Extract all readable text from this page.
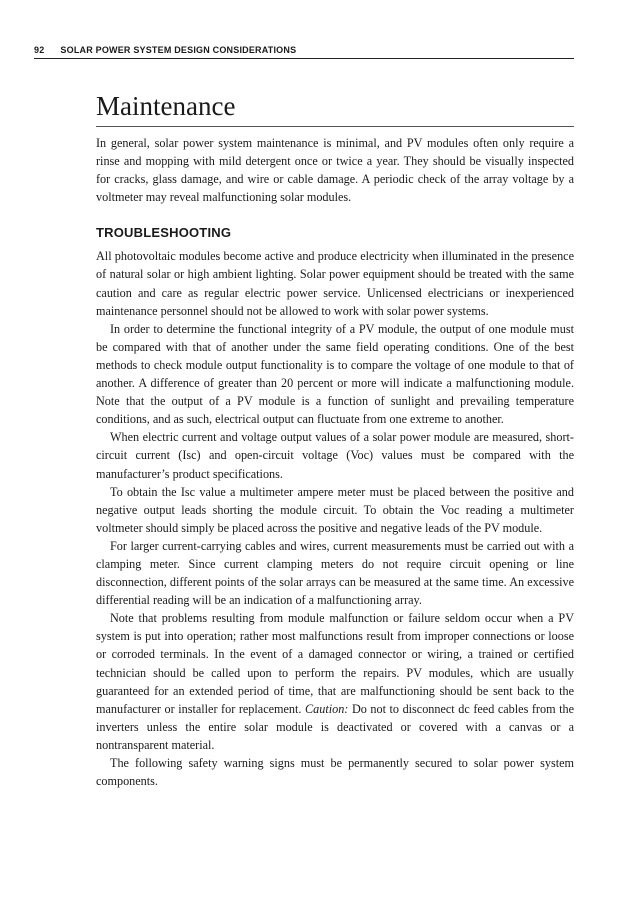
92 SOLAR POWER SYSTEM DESIGN CONSIDERATIONS
Maintenance

In general, solar power system maintenance is minimal, and PV modules often only require a rinse and mopping with mild detergent once or twice a year. They should be visually inspected for cracks, glass damage, and wire or cable damage. A periodic check of the array voltage by a voltmeter may reveal malfunctioning solar modules.

TROUBLESHOOTING

All photovoltaic modules become active and produce electricity when illuminated in the presence of natural solar or high ambient lighting. Solar power equipment should be treated with the same caution and care as regular electric power service. Unlicensed electricians or inexperienced maintenance personnel should not be allowed to work with solar power systems.

In order to determine the functional integrity of a PV module, the output of one module must be compared with that of another under the same field operating conditions. One of the best methods to check module output functionality is to compare the voltage of one module to that of another. A difference of greater than 20 percent or more will indicate a malfunctioning module. Note that the output of a PV module is a function of sunlight and prevailing temperature conditions, and as such, electrical output can fluctuate from one extreme to another.

When electric current and voltage output values of a solar power module are measured, short-circuit current (Isc) and open-circuit voltage (Voc) values must be compared with the manufacturer’s product specifications.

To obtain the Isc value a multimeter ampere meter must be placed between the positive and negative output leads shorting the module circuit. To obtain the Voc reading a multimeter voltmeter should simply be placed across the positive and negative leads of the PV module.

For larger current-carrying cables and wires, current measurements must be carried out with a clamping meter. Since current clamping meters do not require circuit opening or line disconnection, different points of the solar arrays can be measured at the same time. An excessive differential reading will be an indication of a malfunctioning array.

Note that problems resulting from module malfunction or failure seldom occur when a PV system is put into operation; rather most malfunctions result from improper connections or loose or corroded terminals. In the event of a damaged connector or wiring, a trained or certified technician should be called upon to perform the repairs. PV modules, which are usually guaranteed for an extended period of time, that are malfunctioning should be sent back to the manufacturer or installer for replacement. Caution: Do not to disconnect dc feed cables from the inverters unless the entire solar module is deactivated or covered with a canvas or a nontransparent material.

The following safety warning signs must be permanently secured to solar power system components.
